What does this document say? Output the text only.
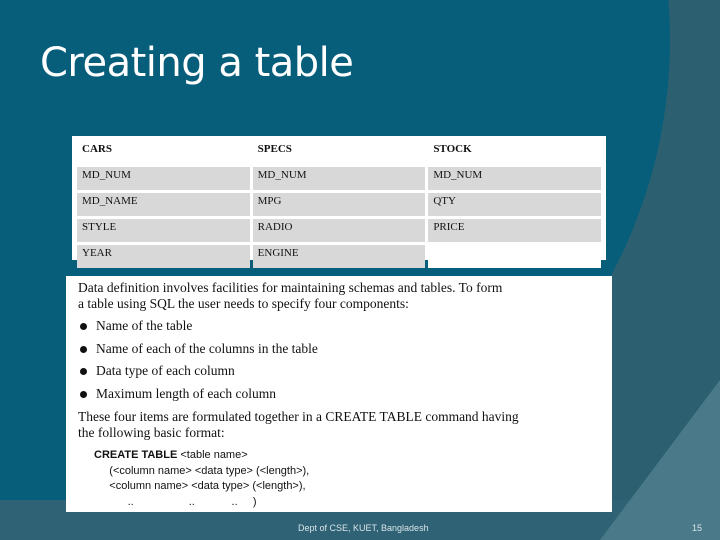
Creating a table
CARS	SPECS	STOCK
MD_NUM	MD_NUM	MD_NUM
MD_NAME	MPG	QTY
STYLE	RADIO	PRICE
YEAR	ENGINE	
Data definition involves facilities for maintaining schemas and tables. To form
a table using SQL the user needs to specify four components:
Name of the table
Name of each of the columns in the table
Data type of each column
Maximum length of each column
These four items are formulated together in a CREATE TABLE command having
the following basic format:
CREATE TABLE <table name>
(<column name> <data type> (<length>),
<column name> <data type> (<length>),
..                  ..            ..     )
Dept of CSE, KUET, Bangladesh	15
